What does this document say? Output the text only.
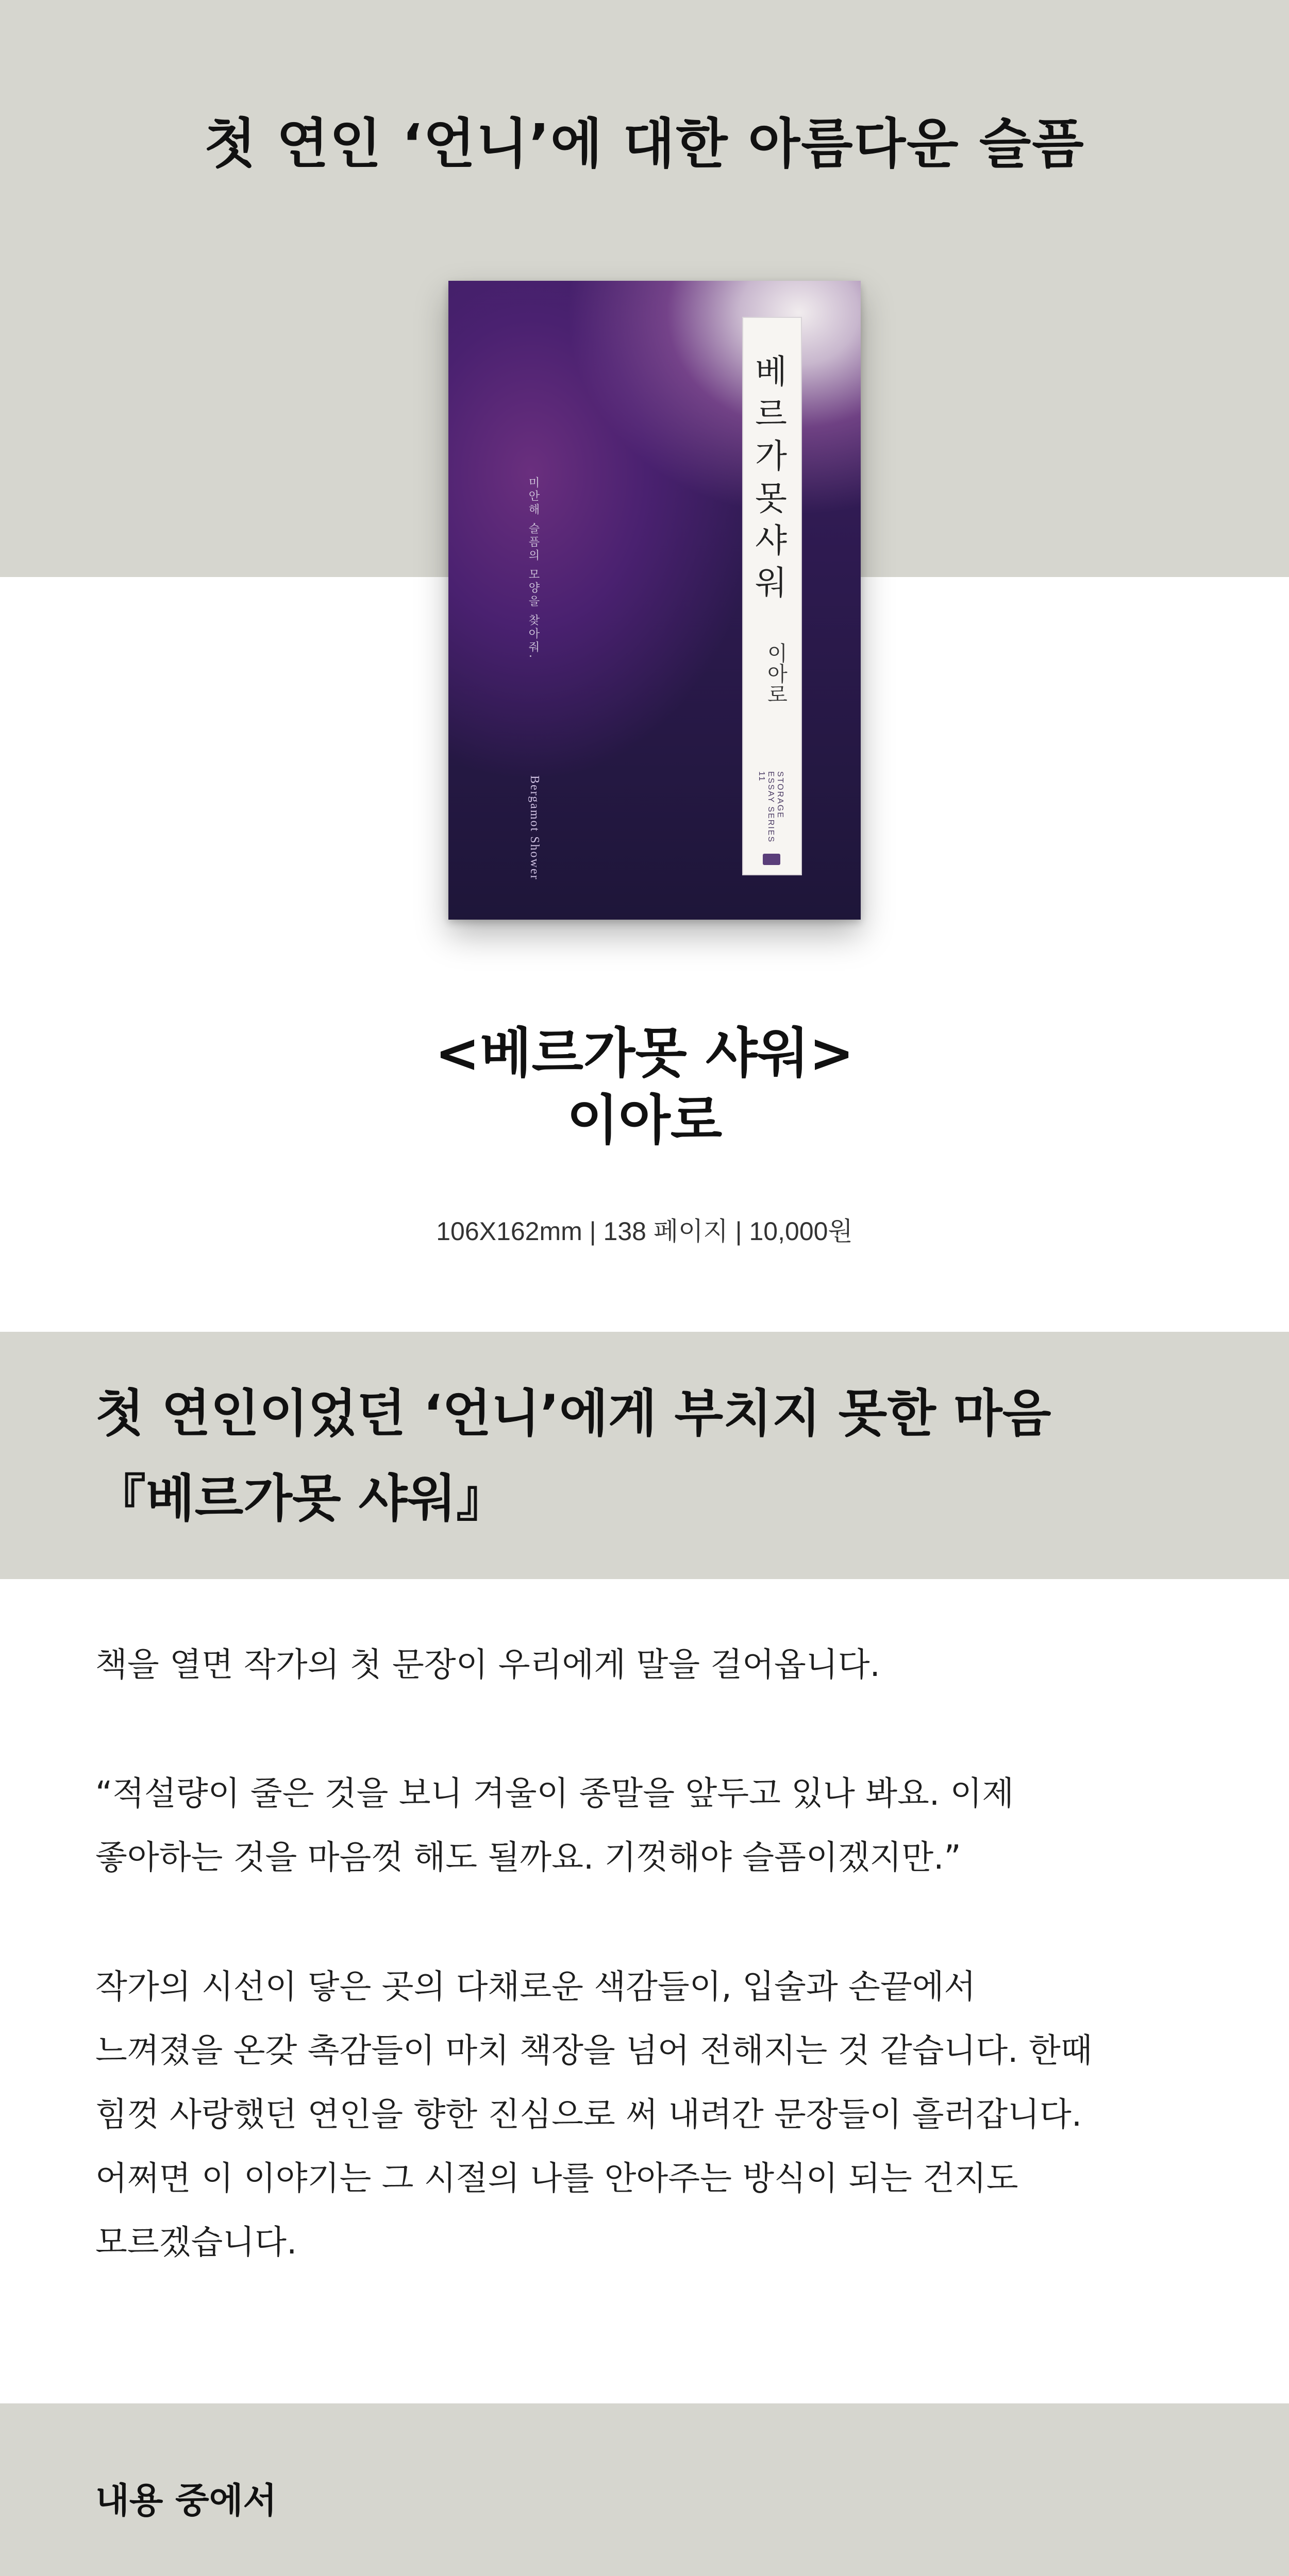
첫 연인 ‘언니’에 대한 아름다운 슬픔
미안해 슬픔의 모양을 찾아줘.
Bergamot Shower
베르가못샤워
이아로
STORAGE ESSAY SERIES 11
<베르가못 샤워>
이아로
106X162mm | 138 페이지 | 10,000원
첫 연인이었던 ‘언니’에게 부치지 못한 마음
『베르가못 샤워』
책을 열면 작가의 첫 문장이 우리에게 말을 걸어옵니다.
“적설량이 줄은 것을 보니 겨울이 종말을 앞두고 있나 봐요. 이제
좋아하는 것을 마음껏 해도 될까요. 기껏해야 슬픔이겠지만.”
작가의 시선이 닿은 곳의 다채로운 색감들이, 입술과 손끝에서
느껴졌을 온갖 촉감들이 마치 책장을 넘어 전해지는 것 같습니다. 한때
힘껏 사랑했던 연인을 향한 진심으로 써 내려간 문장들이 흘러갑니다.
어쩌면 이 이야기는 그 시절의 나를 안아주는 방식이 되는 건지도
모르겠습니다.
내용 중에서
